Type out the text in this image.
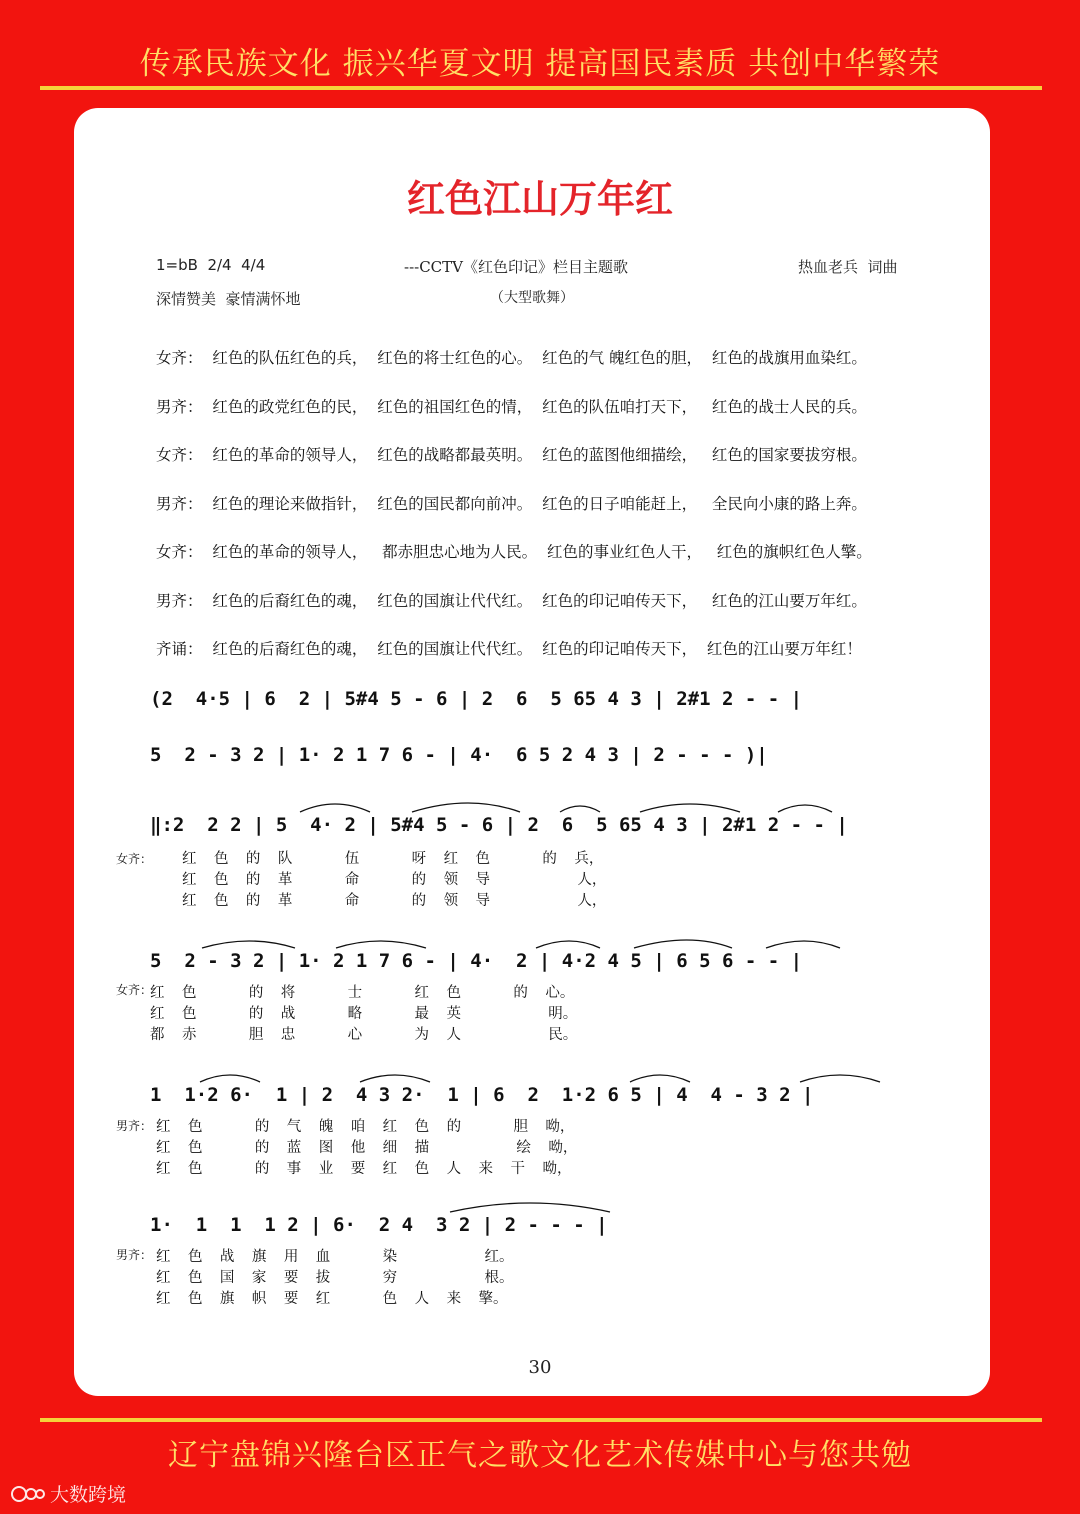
传承民族文化 振兴华夏文明 提高国民素质 共创中华繁荣
红色江山万年红
1=bB  2/4  4/4
深情赞美  豪情满怀地
---CCTV《红色印记》栏目主题歌
（大型歌舞）
热血老兵  词曲
女齐：  红色的队伍红色的兵，  红色的将士红色的心。  红色的气 魄红色的胆，  红色的战旗用血染红。
男齐：  红色的政党红色的民，  红色的祖国红色的情，  红色的队伍咱打天下，   红色的战士人民的兵。
女齐：  红色的革命的领导人，  红色的战略都最英明。  红色的蓝图他细描绘，   红色的国家要拔穷根。
男齐：  红色的理论来做指针，  红色的国民都向前冲。  红色的日子咱能赶上，   全民向小康的路上奔。
女齐：  红色的革命的领导人，   都赤胆忠心地为人民。  红色的事业红色人干，   红色的旗帜红色人擎。
男齐：  红色的后裔红色的魂，  红色的国旗让代代红。  红色的印记咱传天下，   红色的江山要万年红。
齐诵：  红色的后裔红色的魂，  红色的国旗让代代红。  红色的印记咱传天下，  红色的江山要万年红！
(2  4·5 | 6  2 | 5#4 5 - 6 | 2  6  5 65 4 3 | 2#1 2 - - |
5  2 - 3 2 | 1· 2 1 7 6 - | 4·  6 5 2 4 3 | 2 - - - )|
‖:2  2 2 | 5  4· 2 | 5#4 5 - 6 | 2  6  5 65 4 3 | 2#1 2 - - |
红  色  的  队      伍      呀  红  色      的  兵，
红  色  的  革      命      的  领  导          人，
红  色  的  革      命      的  领  导          人，
女齐：
5  2 - 3 2 | 1· 2 1 7 6 - | 4·  2 | 4·2 4 5 | 6 5 6 - - |
红  色      的  将      士      红  色      的  心。
红  色      的  战      略      最  英          明。
都  赤      胆  忠      心      为  人          民。
女齐：
1  1·2 6·  1 | 2  4 3 2·  1 | 6  2  1·2 6 5 | 4  4 - 3 2 |
红  色      的  气  魄  咱  红  色  的      胆  呦，
红  色      的  蓝  图  他  细  描          绘  呦，
红  色      的  事  业  要  红  色  人  来  干  呦，
男齐：
1·  1  1  1 2 | 6·  2 4  3 2 | 2 - - - |
红  色  战  旗  用  血      染          红。
红  色  国  家  要  拔      穷          根。
红  色  旗  帜  要  红      色  人  来  擎。
男齐：
30
辽宁盘锦兴隆台区正气之歌文化艺术传媒中心与您共勉
大数跨境
